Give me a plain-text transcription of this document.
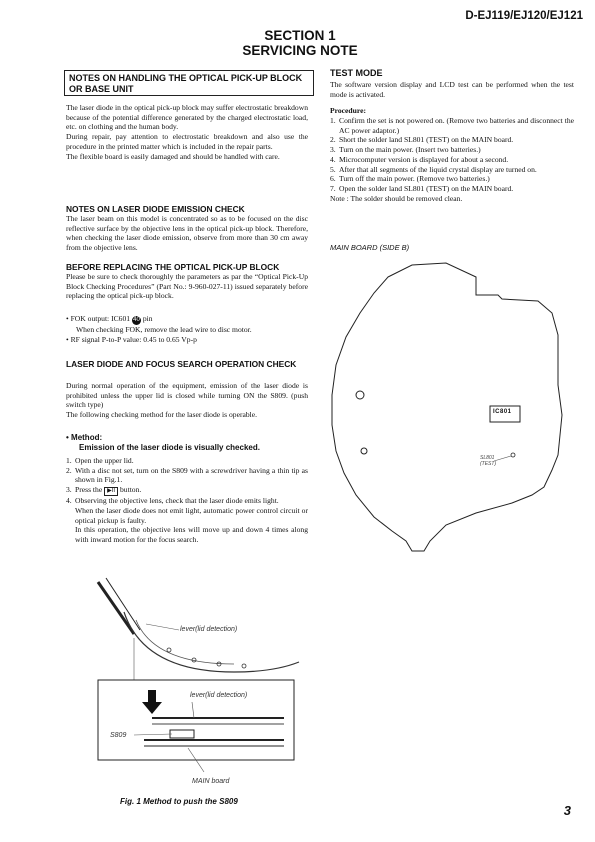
D-EJ119/EJ120/EJ121
SECTION 1
SERVICING NOTE
NOTES ON HANDLING THE OPTICAL PICK-UP BLOCK OR BASE UNIT
The laser diode in the optical pick-up block may suffer electrostatic breakdown because of the potential difference generated by the charged electrostatic load, etc. on clothing and the human body.
During repair, pay attention to electrostatic breakdown and also use the procedure in the printed matter which is included in the repair parts.
The flexible board is easily damaged and should be handled with care.
NOTES ON LASER DIODE EMISSION CHECK
The laser beam on this model is concentrated so as to be focused on the disc reflective surface by the objective lens in the optical pick-up block. Therefore, when checking the laser diode emission, observe from more than 30 cm away from the objective lens.
BEFORE REPLACING THE OPTICAL PICK-UP BLOCK
Please be sure to check thoroughly the parameters as par the “Optical Pick-Up Block Checking Procedures” (Part No.: 9-960-027-11) issued separately before replacing the optical pick-up block.
• FOK output: IC601 40 pin
When checking FOK, remove the lead wire to disc motor.
• RF signal P-to-P value: 0.45 to 0.65 Vp-p
LASER DIODE AND FOCUS SEARCH OPERATION CHECK
During normal operation of the equipment, emission of the laser diode is prohibited unless the upper lid is closed while turning ON the S809. (push switch type)
The following checking method for the laser diode is operable.
• Method:
Emission of the laser diode is visually checked.
1. Open the upper lid.
2. With a disc not set, turn on the S809 with a screwdriver having a thin tip as shown in Fig.1.
3. Press the ▶II button.
4. Observing the objective lens, check that the laser diode emits light.
When the laser diode does not emit light, automatic power control circuit or optical pickup is faulty.
In this operation, the objective lens will move up and down 4 times along with inward motion for the focus search.
lever(lid detection)
lever(lid detection)
S809
MAIN board
Fig. 1 Method to push the S809
TEST MODE
The software version display and LCD test can be performed when the test mode is activated.
Procedure:
1. Confirm the set is not powered on. (Remove two batteries and disconnect the AC power adaptor.)
2. Short the solder land SL801 (TEST) on the MAIN board.
3. Turn on the main power. (Insert two batteries.)
4. Microcomputer version is displayed for about a second.
5. After that all segments of the liquid crystal display are turned on.
6. Turn off the main power. (Remove two batteries.)
7. Open the solder land SL801 (TEST) on the MAIN board.
Note : The solder should be removed clean.
MAIN BOARD (SIDE B)
IC801
SL801
(TEST)
3
